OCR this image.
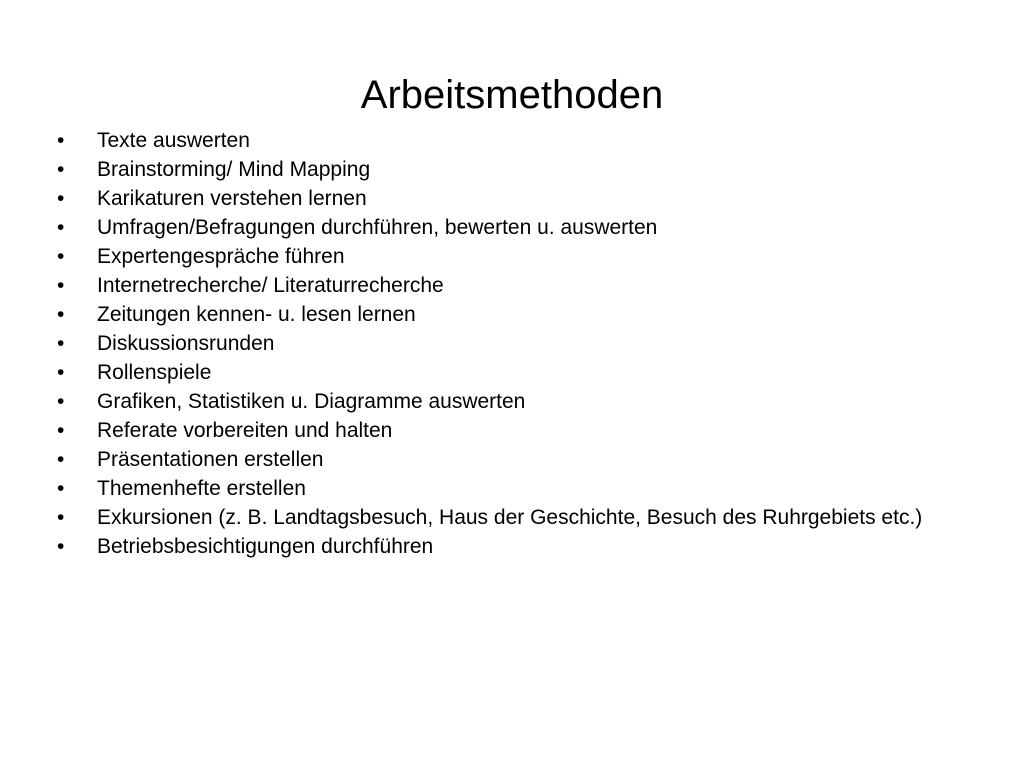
Arbeitsmethoden
•	Texte auswerten
•	Brainstorming/ Mind Mapping
•	Karikaturen verstehen lernen
•	Umfragen/Befragungen durchführen, bewerten u. auswerten
•	Expertengespräche führen
•	Internetrecherche/ Literaturrecherche
•	Zeitungen kennen- u. lesen lernen
•	Diskussionsrunden
•	Rollenspiele
•	Grafiken, Statistiken u. Diagramme auswerten
•	Referate vorbereiten und halten
•	Präsentationen erstellen
•	Themenhefte erstellen
•	Exkursionen (z. B. Landtagsbesuch, Haus der Geschichte, Besuch des Ruhrgebiets etc.)
•	Betriebsbesichtigungen durchführen
